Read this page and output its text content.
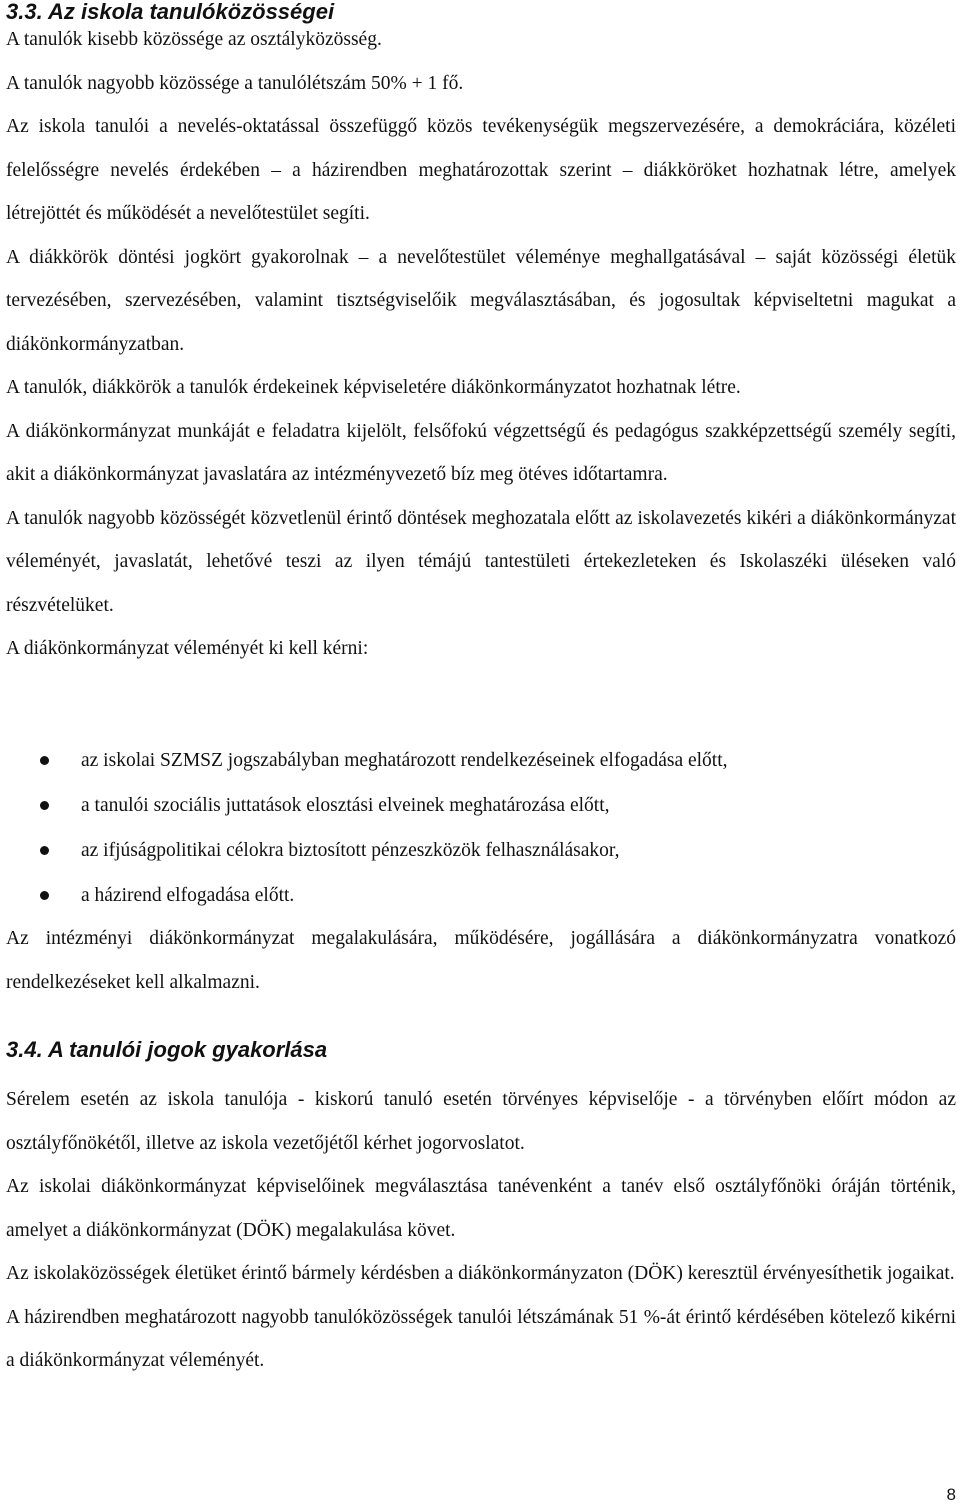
3.3. Az iskola tanulóközösségei

A tanulók kisebb közössége az osztályközösség.

A tanulók nagyobb közössége a tanulólétszám 50% + 1 fő.

Az iskola tanulói a nevelés-oktatással összefüggő közös tevékenységük megszervezésére, a demokráciára, közéleti felelősségre nevelés érdekében – a házirendben meghatározottak szerint – diákköröket hozhatnak létre, amelyek létrejöttét és működését a nevelőtestület segíti.

A diákkörök döntési jogkört gyakorolnak – a nevelőtestület véleménye meghallgatásával – saját közösségi életük tervezésében, szervezésében, valamint tisztségviselőik megválasztásában, és jogosultak képviseltetni magukat a diákönkormányzatban.

A tanulók, diákkörök a tanulók érdekeinek képviseletére diákönkormányzatot hozhatnak létre.

A diákönkormányzat munkáját e feladatra kijelölt, felsőfokú végzettségű és pedagógus szakképzettségű személy segíti, akit a diákönkormányzat javaslatára az intézményvezető bíz meg ötéves időtartamra.

A tanulók nagyobb közösségét közvetlenül érintő döntések meghozatala előtt az iskolavezetés kikéri a diákönkormányzat véleményét, javaslatát, lehetővé teszi az ilyen témájú tantestületi értekezleteken és Iskolaszéki üléseken való részvételüket.

A diákönkormányzat véleményét ki kell kérni:

az iskolai SZMSZ jogszabályban meghatározott rendelkezéseinek elfogadása előtt,
a tanulói szociális juttatások elosztási elveinek meghatározása előtt,
az ifjúságpolitikai célokra biztosított pénzeszközök felhasználásakor,
a házirend elfogadása előtt.

Az intézményi diákönkormányzat megalakulására, működésére, jogállására a diákönkormányzatra vonatkozó rendelkezéseket kell alkalmazni.

3.4. A tanulói jogok gyakorlása

Sérelem esetén az iskola tanulója - kiskorú tanuló esetén törvényes képviselője - a törvényben előírt módon az osztályfőnökétől, illetve az iskola vezetőjétől kérhet jogorvoslatot.

Az iskolai diákönkormányzat képviselőinek megválasztása tanévenként a tanév első osztályfőnöki óráján történik, amelyet a diákönkormányzat (DÖK) megalakulása követ.

Az iskolaközösségek életüket érintő bármely kérdésben a diákönkormányzaton (DÖK) keresztül érvényesíthetik jogaikat.

A házirendben meghatározott nagyobb tanulóközösségek tanulói létszámának 51 %-át érintő kérdésében kötelező kikérni a diákönkormányzat véleményét.

8
